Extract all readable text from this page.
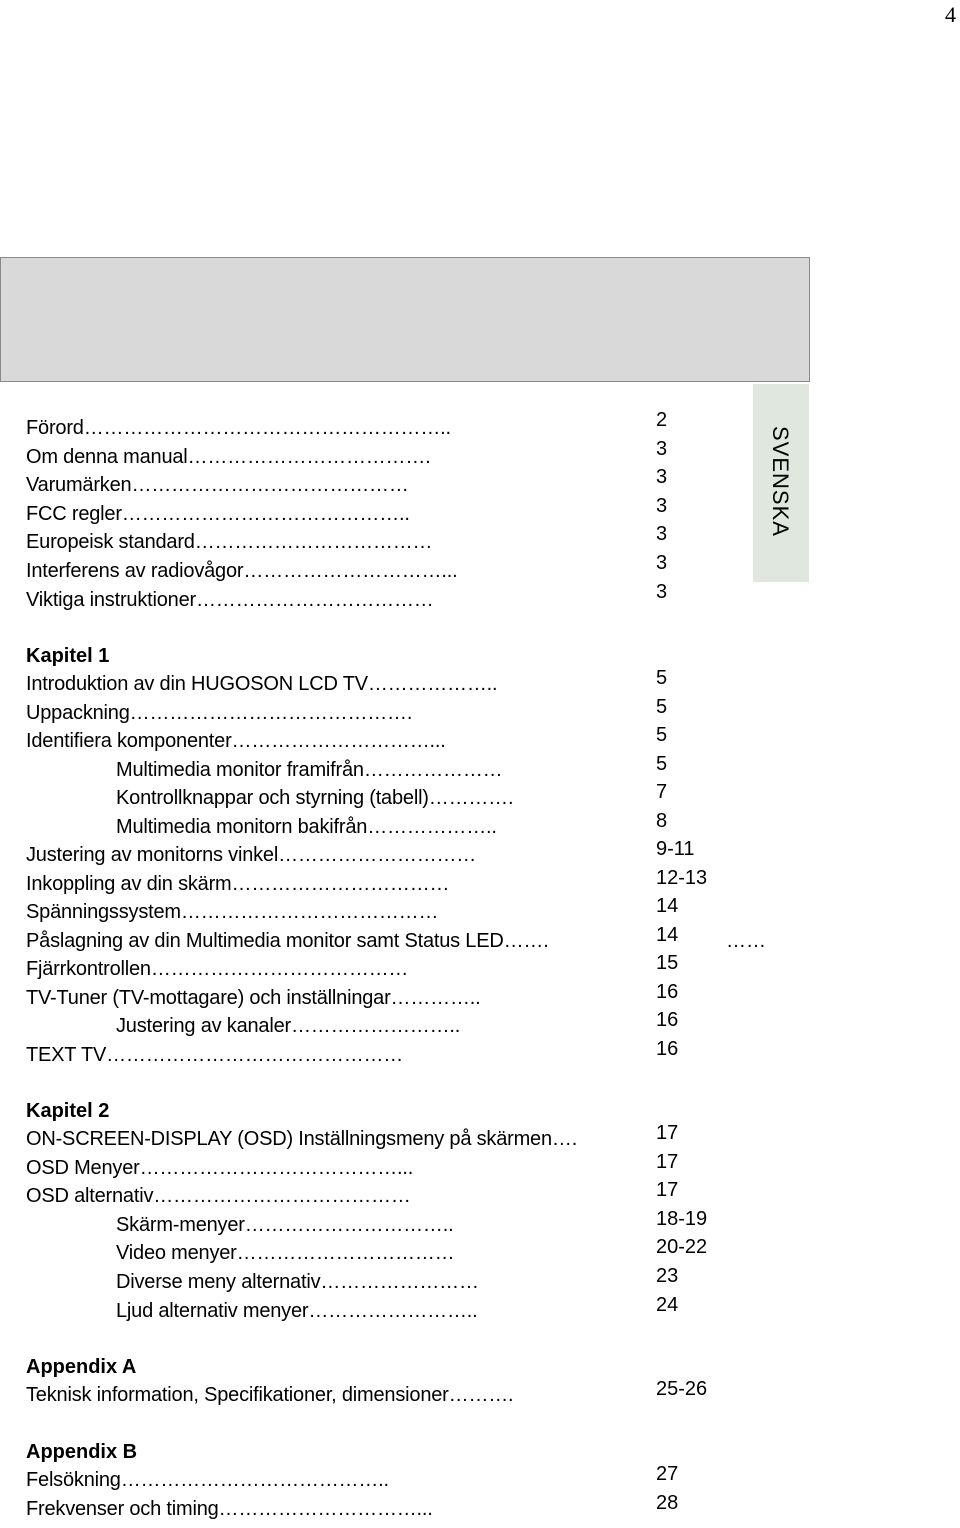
4
SVENSKA
……
Förord………………………………………………..	2
Om denna manual……………………………….	3
Varumärken……………………………………	3
FCC regler……………………………………..	3
Europeisk standard………………………………	3
Interferens av radiovågor…………………………...	3
Viktiga instruktioner………………………………	3
Kapitel 1
Introduktion av din HUGOSON LCD TV………………..	5
Uppackning…………………………………….	5
Identifiera komponenter…………………………...	5
Multimedia monitor framifrån…………………	5
Kontrollknappar och styrning (tabell)………….	7
Multimedia monitorn bakifrån………………..	8
Justering av monitorns vinkel…………………………	9-11
Inkoppling av din skärm……………………………	12-13
Spänningssystem…………………………………	14
Påslagning av din Multimedia monitor samt Status LED…….	14
Fjärrkontrollen…………………………………	15
TV-Tuner (TV-mottagare) och inställningar…………..	16
Justering av kanaler……………………..	16
TEXT TV………………………………………	16
Kapitel 2
ON-SCREEN-DISPLAY (OSD) Inställningsmeny på skärmen….	17
OSD Menyer…………………………………...	17
OSD alternativ…………………………………	17
Skärm-menyer…………………………..	18-19
Video menyer……………………………	20-22
Diverse meny alternativ……………………	23
Ljud alternativ menyer……………………..	24
Appendix A
Teknisk information, Specifikationer, dimensioner……….	25-26
Appendix B
Felsökning…………………………………..	27
Frekvenser och timing…………………………...	28
